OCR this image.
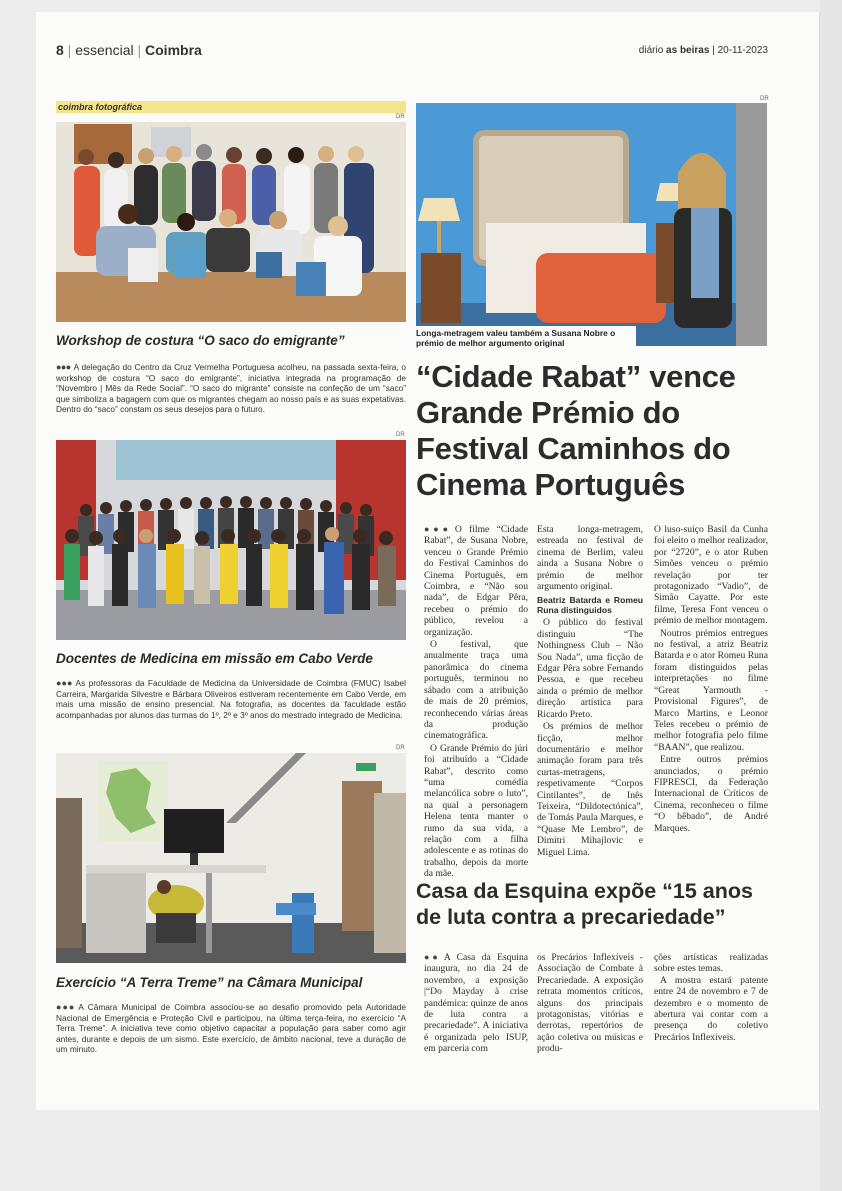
8 | essencial | Coimbra	diário as beiras | 20-11-2023
coimbra fotográfica
DR
Workshop de costura “O saco do emigrante”
●●● A delegação do Centro da Cruz Vermelha Portuguesa acolheu, na passada sexta-feira, o workshop de costura “O saco do emigrante”, iniciativa integrada na programação de “Novembro | Mês da Rede Social”. “O saco do migrante” consiste na confeção de um “saco” que simboliza a bagagem com que os migrantes chegam ao nosso país e as suas expetativas. Dentro do “saco” constam os seus desejos para o futuro.
DR
Docentes de Medicina em missão em Cabo Verde
●●● As professoras da Faculdade de Medicina da Universidade de Coimbra (FMUC) Isabel Carreira, Margarida Silvestre e Bárbara Oliveiros estiveram recentemente em Cabo Verde, em mais uma missão de ensino presencial. Na fotografia, as docentes da faculdade estão acompanhadas por alunos das turmas do 1º, 2º e 3º anos do mestrado integrado de Medicina.
DR
Exercício “A Terra Treme” na Câmara Municipal
●●● A Câmara Municipal de Coimbra associou-se ao desafio promovido pela Autoridade Nacional de Emergência e Proteção Civil e participou, na última terça-feira, no exercício “A Terra Treme”. A iniciativa teve como objetivo capacitar a população para saber como agir antes, durante e depois de um sismo. Este exercício, de âmbito nacional, teve a duração de um minuto.
DR
Longa-metragem valeu também a Susana Nobre o prémio de melhor argumento original
“Cidade Rabat” vence Grande Prémio do Festival Caminhos do Cinema Português

●●● O filme “Cidade Rabat”, de Susana Nobre, venceu o Grande Prémio do Festival Caminhos do Cinema Português, em Coimbra, e “Não sou nada”, de Edgar Pêra, recebeu o prémio do público, revelou a organização.

O festival, que anualmente traça uma panorâmica do cinema português, terminou no sábado com a atribuição de mais de 20 prémios, reconhecendo várias áreas da produção cinematográfica.

O Grande Prémio do júri foi atribuído a “Cidade Rabat”, descrito como “uma comédia melancólica sobre o luto”, na qual a personagem Helena tenta manter o rumo da sua vida, a relação com a filha adolescente e as rotinas do trabalho, depois da morte da mãe.

Esta longa-metragem, estreada no festival de cinema de Berlim, valeu ainda a Susana Nobre o prémio de melhor argumento original.

Beatriz Batarda e Romeu Runa distinguidos

O público do festival distinguiu “The Nothingness Club – Não Sou Nada”, uma ficção de Edgar Pêra sobre Fernando Pessoa, e que recebeu ainda o prémio de melhor direção artística para Ricardo Preto.

Os prémios de melhor ficção, melhor documentário e melhor animação foram para três curtas-metragens, respetivamente “Corpos Cintilantes”, de Inês Teixeira, “Dildotectónica”, de Tomás Paula Marques, e “Quase Me Lembro”, de Dimitri Mihajlovic e Miguel Lima.

O luso-suíço Basil da Cunha foi eleito o melhor realizador, por “2720”, e o ator Ruben Simões venceu o prémio revelação por ter protagonizado “Vadio”, de Simão Cayatte. Por este filme, Teresa Font venceu o prémio de melhor montagem.

Noutros prémios entregues no festival, a atriz Beatriz Batarda e o ator Romeu Runa foram distinguidos pelas interpretações no filme “Great Yarmouth - Provisional Figures”, de Marco Martins, e Leonor Teles recebeu o prémio de melhor fotografia pelo filme “BAAN”, que realizou.

Entre outros prémios anunciados, o prémio FIPRESCI, da Federação Internacional de Críticos de Cinema, reconheceu o filme “O bêbado”, de André Marques.

Casa da Esquina expõe “15 anos de luta contra a precariedade”

●● A Casa da Esquina inaugura, no dia 24 de novembro, a exposição |“Do Mayday à crise pandémica: quinze de anos de luta contra a precariedade”. A iniciativa é organizada pelo ISUP, em parceria com

os Precários Inflexíveis - Associação de Combate à Precariedade. A exposição retrata momentos críticos, alguns dos principais protagonistas, vitórias e derrotas, repertórios de ação coletiva ou músicas e produ-

ções artísticas realizadas sobre estes temas.

A mostra estará patente entre 24 de novembro e 7 de dezembro e o momento de abertura vai contar com a presença do coletivo Precários Inflexíveis.
